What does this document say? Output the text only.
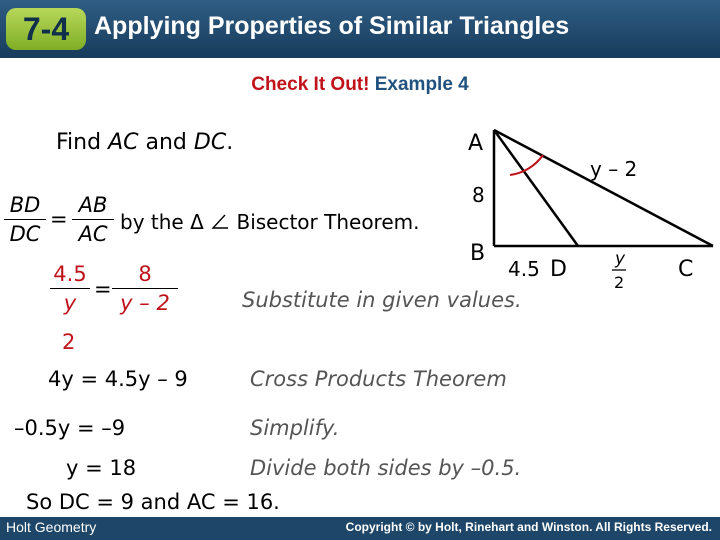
7-4 Applying Properties of Similar Triangles
Check It Out! Example 4
Find AC and DC.
BD
DC
=
AB
AC by the Δ Bisector Theorem.
4.5
y
=
8
y – 2
2
Substitute in given values.
4y = 4.5y – 9	Cross Products Theorem
–0.5y = –9	Simplify.
y = 18	Divide both sides by –0.5.
So DC = 9 and AC = 16.
A
B
C
D
8
y – 2
4.5	y
2
Holt Geometry	Copyright © by Holt, Rinehart and Winston. All Rights Reserved.
